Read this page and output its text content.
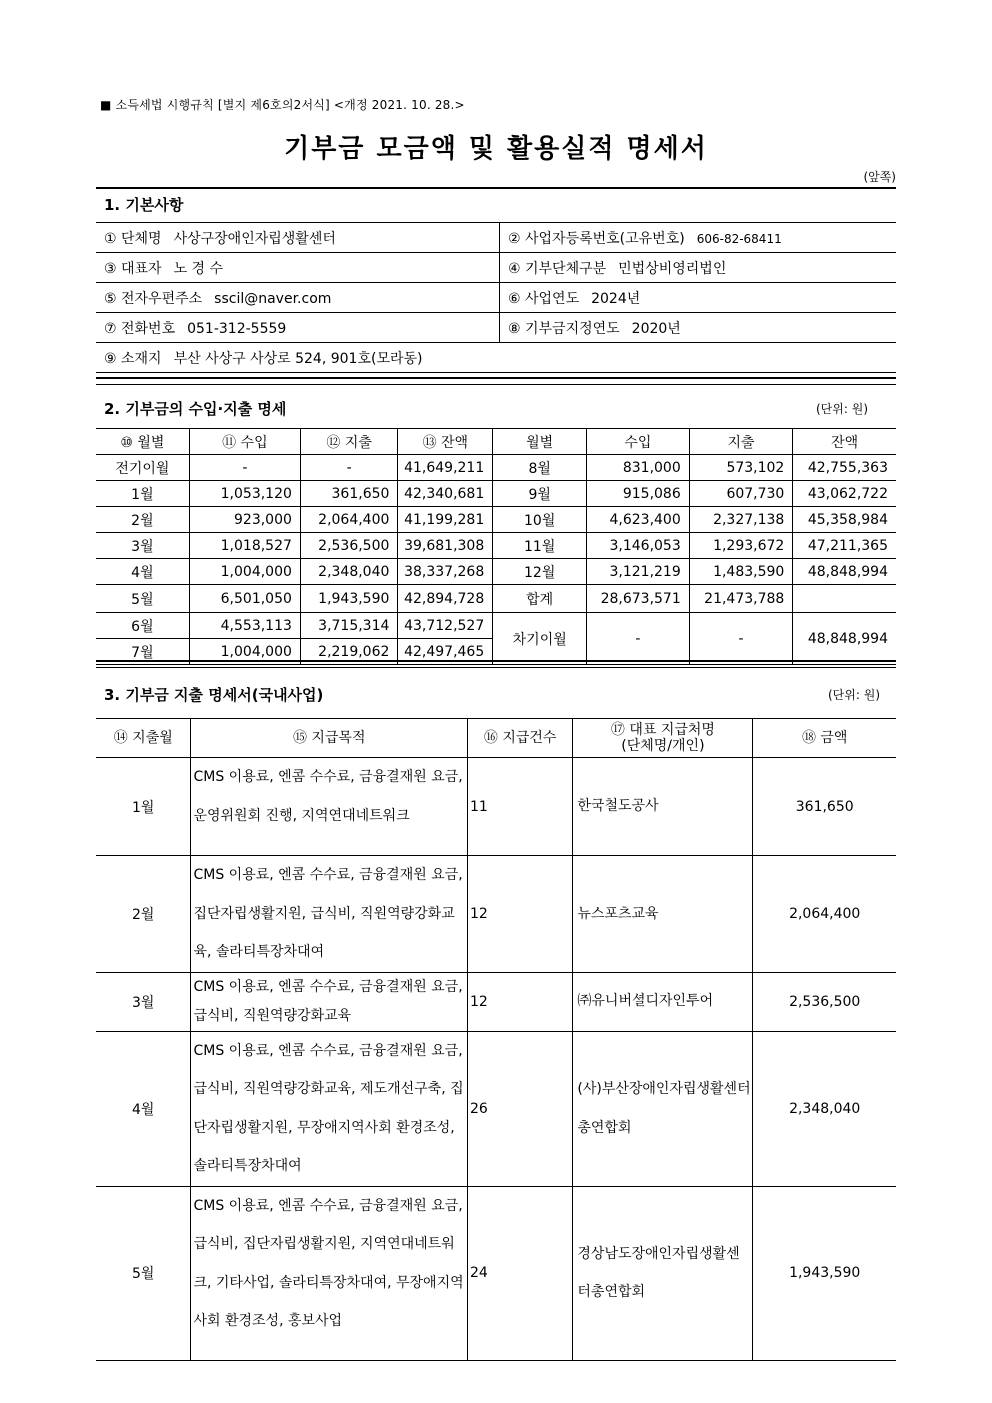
■ 소득세법 시행규칙 [별지 제6호의2서식] <개정 2021. 10. 28.>
기부금 모금액 및 활용실적 명세서
(앞쪽)
1. 기본사항
① 단체명 사상구장애인자립생활센터	② 사업자등록번호(고유번호) 606-82-68411
③ 대표자 노 경 수	④ 기부단체구분 민법상비영리법인
⑤ 전자우편주소 sscil@naver.com	⑥ 사업연도 2024년
⑦ 전화번호 051-312-5559	⑧ 기부금지정연도 2020년
⑨ 소재지 부산 사상구 사상로 524, 901호(모라동)	
2. 기부금의 수입·지출 명세	(단위: 원)
⑩ 월별	⑪ 수입	⑫ 지출	⑬ 잔액	월별	수입	지출	잔액
전기이월	-	-	41,649,211	8월	831,000	573,102	42,755,363
1월	1,053,120	361,650	42,340,681	9월	915,086	607,730	43,062,722
2월	923,000	2,064,400	41,199,281	10월	4,623,400	2,327,138	45,358,984
3월	1,018,527	2,536,500	39,681,308	11월	3,146,053	1,293,672	47,211,365
4월	1,004,000	2,348,040	38,337,268	12월	3,121,219	1,483,590	48,848,994
5월	6,501,050	1,943,590	42,894,728	합계	28,673,571	21,473,788	
6월	4,553,113	3,715,314	43,712,527	차기이월	-	-	48,848,994
7월	1,004,000	2,219,062	42,497,465				
3. 기부금 지출 명세서(국내사업)	(단위: 원)
⑭ 지출월	⑮ 지급목적	⑯ 지급건수	⑰ 대표 지급처명
(단체명/개인)	⑱ 금액
1월	CMS 이용료, 엔콤 수수료, 금융결재원 요금, 운영위원회 진행, 지역연대네트워크	11	한국철도공사	361,650
2월	CMS 이용료, 엔콤 수수료, 금융결재원 요금, 집단자립생활지원, 급식비, 직원역량강화교육, 솔라티특장차대여	12	뉴스포츠교육	2,064,400
3월	CMS 이용료, 엔콤 수수료, 금융결재원 요금, 급식비, 직원역량강화교육	12	㈜유니버셜디자인투어	2,536,500
4월	CMS 이용료, 엔콤 수수료, 금융결재원 요금, 급식비, 직원역량강화교육, 제도개선구축, 집단자립생활지원, 무장애지역사회 환경조성, 솔라티특장차대여	26	(사)부산장애인자립생활센터총연합회	2,348,040
5월	CMS 이용료, 엔콤 수수료, 금융결재원 요금, 급식비, 집단자립생활지원, 지역연대네트워크, 기타사업, 솔라티특장차대여, 무장애지역사회 환경조성, 홍보사업	24	경상남도장애인자립생활센터총연합회	1,943,590
